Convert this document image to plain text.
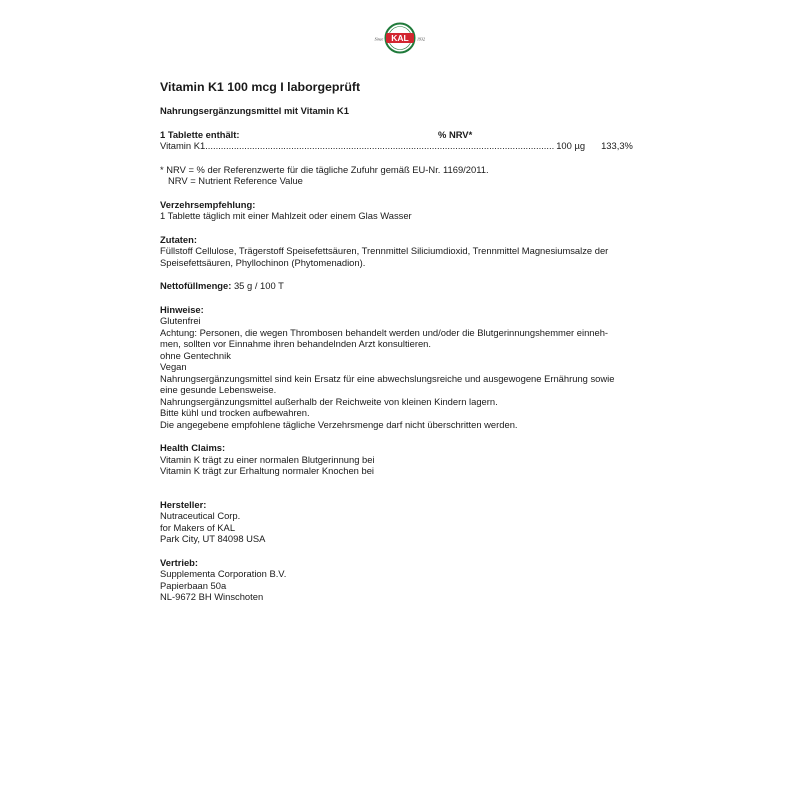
KAL
Since	1932

Vitamin K1 100 mcg I laborgeprüft

Nahrungsergänzungsmittel mit Vitamin K1

1 Tablette enthält:	% NRV*
Vitamin K1 ...................................................................................................................................... 100 µg	133,3%

* NRV = % der Referenzwerte für die tägliche Zufuhr gemäß EU-Nr. 1169/2011.

NRV = Nutrient Reference Value

Verzehrsempfehlung:

1 Tablette täglich mit einer Mahlzeit oder einem Glas Wasser

Zutaten:

Füllstoff Cellulose, Trägerstoff Speisefettsäuren, Trennmittel Siliciumdioxid, Trennmittel Magnesiumsalze der

Speisefettsäuren, Phyllochinon (Phytomenadion).

Nettofüllmenge: 35 g / 100 T

Hinweise:

Glutenfrei

Achtung: Personen, die wegen Thrombosen behandelt werden und/oder die Blutgerinnungshemmer einneh-

men, sollten vor Einnahme ihren behandelnden Arzt konsultieren.

ohne Gentechnik

Vegan

Nahrungsergänzungsmittel sind kein Ersatz für eine abwechslungsreiche und ausgewogene Ernährung sowie

eine gesunde Lebensweise.

Nahrungsergänzungsmittel außerhalb der Reichweite von kleinen Kindern lagern.

Bitte kühl und trocken aufbewahren.

Die angegebene empfohlene tägliche Verzehrsmenge darf nicht überschritten werden.

Health Claims:

Vitamin K trägt zu einer normalen Blutgerinnung bei

Vitamin K trägt zur Erhaltung normaler Knochen bei

Hersteller:

Nutraceutical Corp.

for Makers of KAL

Park City, UT 84098 USA

Vertrieb:

Supplementa Corporation B.V.

Papierbaan 50a

NL-9672 BH Winschoten
